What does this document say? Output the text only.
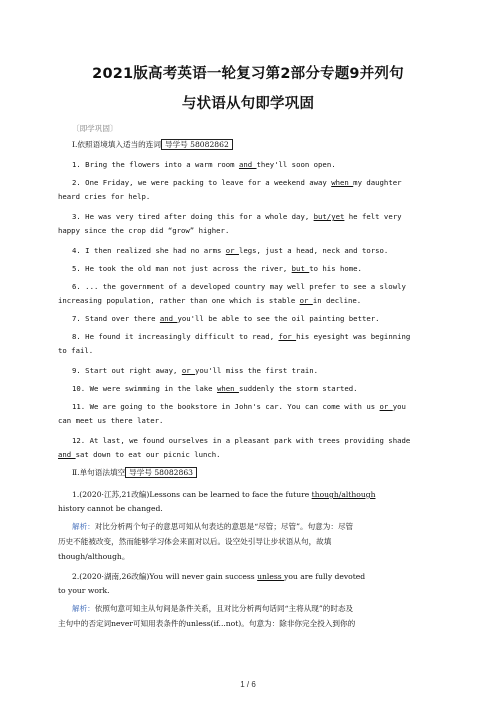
2021版高考英语一轮复习第2部分专题9并列句
与状语从句即学巩固
〔即学巩固〕
Ⅰ.依照语境填入适当的连词 导学号 58082862
1. Bring the flowers into a warm room and they'll soon open.
2. One Friday, we were packing to leave for a weekend away when my daughter
heard cries for help.
3. He was very tired after doing this for a whole day, but/yet he felt very
happy since the crop did “grow” higher.
4. I then realized she had no arms or legs, just a head, neck and torso.
5. He took the old man not just across the river, but to his home.
6. ... the government of a developed country may well prefer to see a slowly
increasing population, rather than one which is stable or in decline.
7. Stand over there and you'll be able to see the oil painting better.
8. He found it increasingly difficult to read, for his eyesight was beginning
to fail.
9. Start out right away, or you'll miss the first train.
10. We were swimming in the lake when suddenly the storm started.
11. We are going to the bookstore in John's car. You can come with us or you
can meet us there later.
12. At last, we found ourselves in a pleasant park with trees providing shade
and sat down to eat our picnic lunch.
Ⅱ.单句语法填空 导学号 58082863
1.(2020·江苏,21改编)Lessons can be learned to face the future though/although
history cannot be changed.
解析：对比分析两个句子的意思可知从句表达的意思是“尽管；尽管”。句意为：尽管
历史不能被改变，然而能够学习体会来面对以后。设空处引导让步状语从句，故填
though/although。
2.(2020·湖南,26改编)You will never gain success unless you are fully devoted
to your work.
解析：依照句意可知主从句间是条件关系，且对比分析两句话同“主将从现”的时态及
主句中的否定词never可知用表条件的unless(if...not)。句意为：除非你完全投入到你的
1 / 6
